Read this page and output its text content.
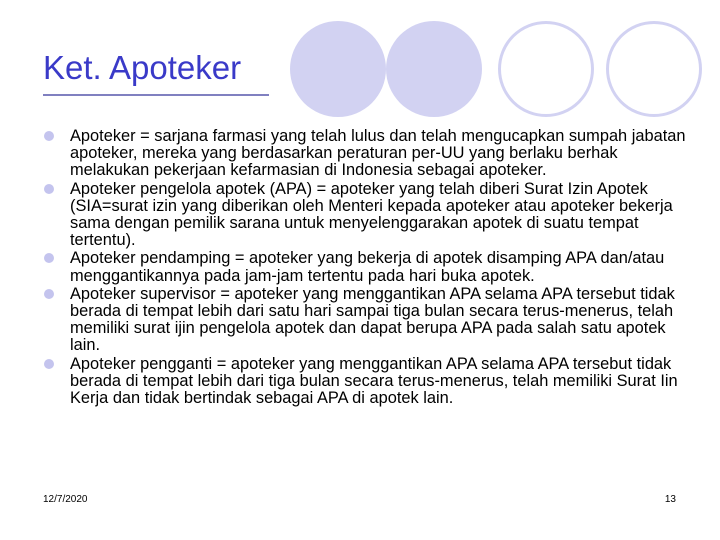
Ket. Apoteker
Apoteker = sarjana farmasi yang telah lulus dan telah mengucapkan sumpah jabatan apoteker, mereka yang berdasarkan peraturan per-UU yang berlaku berhak melakukan pekerjaan kefarmasian di Indonesia sebagai apoteker.
Apoteker pengelola apotek (APA) = apoteker yang telah diberi Surat Izin Apotek (SIA=surat izin yang diberikan oleh Menteri kepada apoteker atau apoteker bekerja sama dengan pemilik sarana untuk menyelenggarakan apotek di suatu tempat tertentu).
Apoteker pendamping = apoteker yang bekerja di apotek disamping APA dan/atau menggantikannya pada jam-jam tertentu pada hari buka apotek.
Apoteker supervisor = apoteker yang menggantikan APA selama APA tersebut tidak berada di tempat lebih dari satu hari sampai tiga bulan secara terus-menerus, telah memiliki surat ijin pengelola apotek dan dapat berupa APA pada salah satu apotek lain.
Apoteker pengganti = apoteker yang menggantikan APA selama APA tersebut tidak berada di tempat lebih dari tiga bulan secara terus-menerus, telah memiliki Surat Iin Kerja dan tidak bertindak sebagai APA di apotek lain.
12/7/2020	13
